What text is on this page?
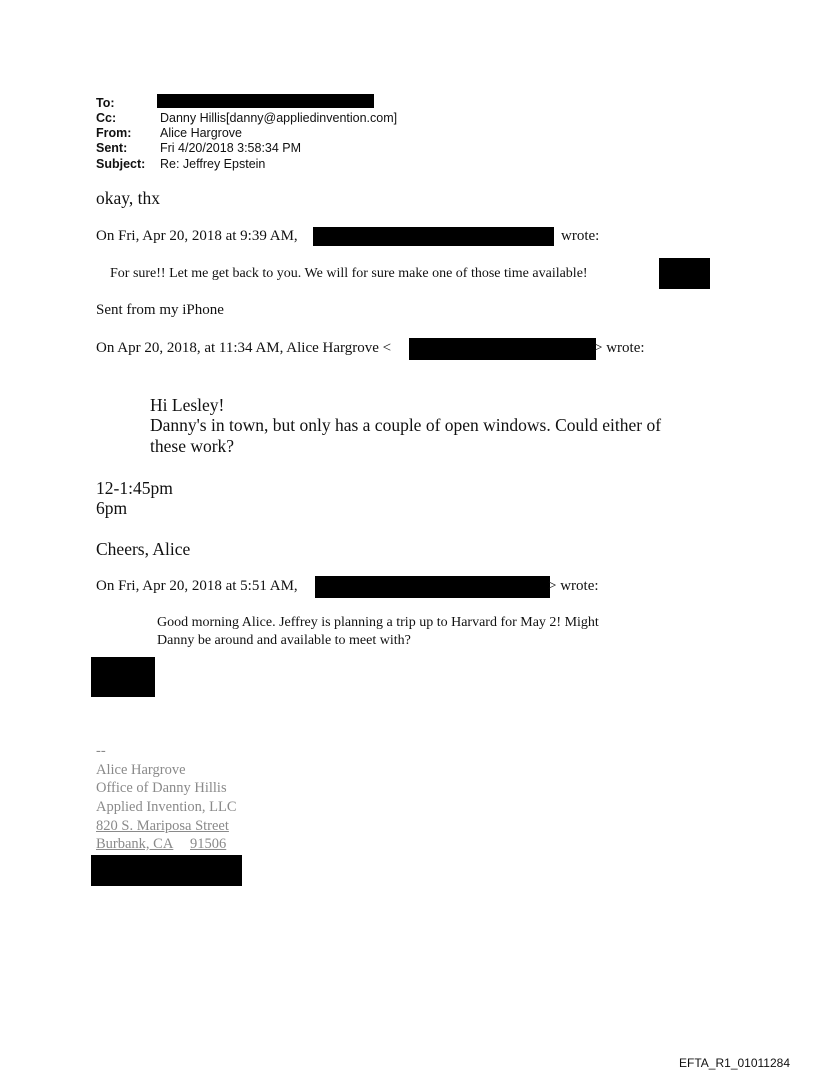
To:
Cc:	Danny Hillis[danny@appliedinvention.com]
From: Alice Hargrove
Sent:	Fri 4/20/2018 3:58:34 PM
Subject: Re: Jeffrey Epstein
okay, thx
On Fri, Apr 20, 2018 at 9:39 AM,	wrote:
For sure!! Let me get back to you. We will for sure make one of those time available!
Sent from my iPhone
On Apr 20, 2018, at 11:34 AM, Alice Hargrove <	> wrote:
Hi Lesley!
Danny's in town, but only has a couple of open windows. Could either of
these work?
12-1:45pm
6pm
Cheers, Alice
On Fri, Apr 20, 2018 at 5:51 AM,	> wrote:
Good morning Alice. Jeffrey is planning a trip up to Harvard for May 2! Might
Danny be around and available to meet with?
--
Alice Hargrove
Office of Danny Hillis
Applied Invention, LLC
820 S. Mariposa Street
Burbank, CA 91506
EFTA_R1_01011284
